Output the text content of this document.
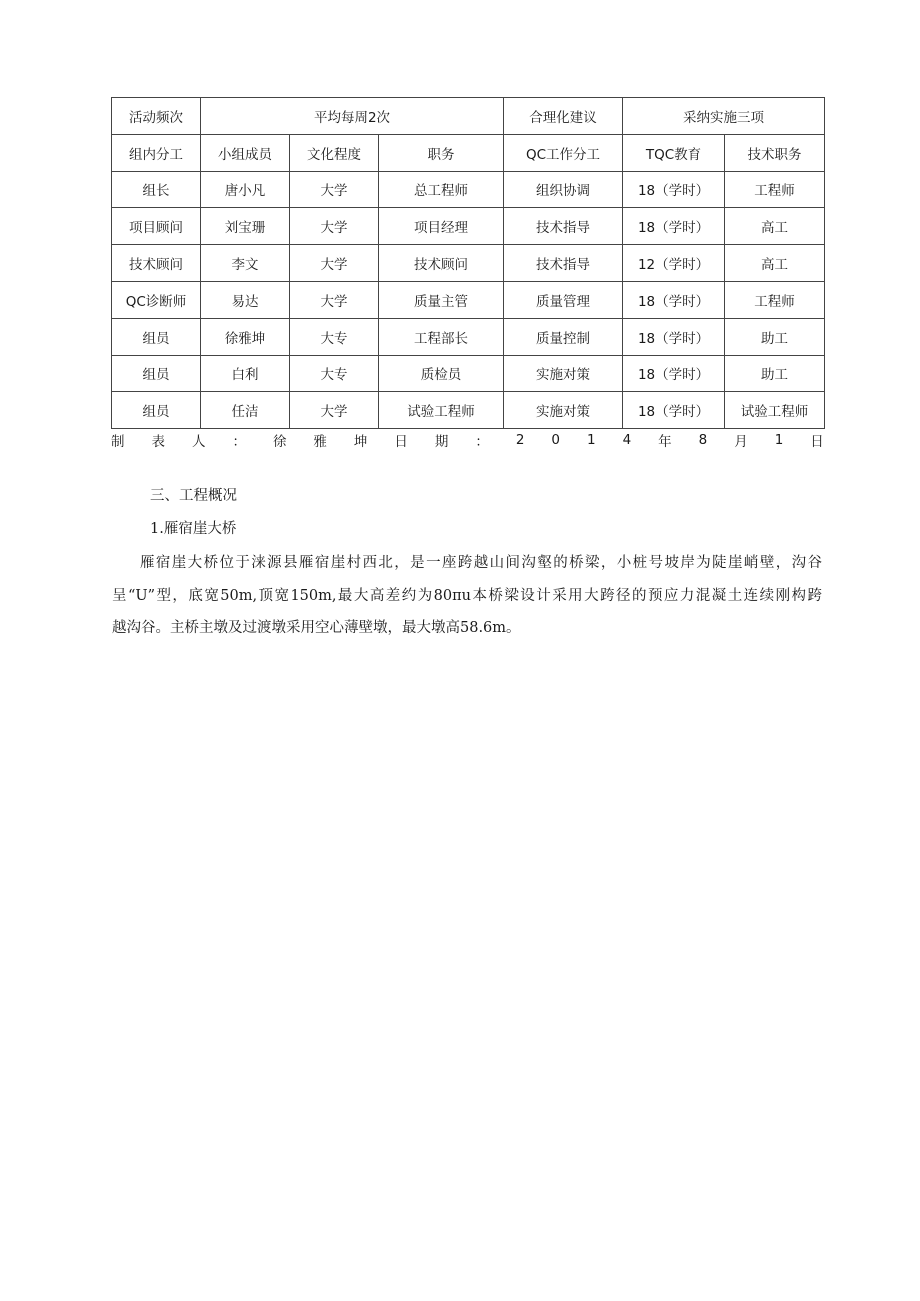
活动频次	平均每周2次			合理化建议	采纳实施三项	
组内分工	小组成员	文化程度	职务	QC工作分工	TQC教育	技术职务
组长	唐小凡	大学	总工程师	组织协调	18（学时）	工程师
项目顾问	刘宝珊	大学	项目经理	技术指导	18（学时）	高工
技术顾问	李文	大学	技术顾问	技术指导	12（学时）	高工
QC诊断师	易达	大学	质量主管	质量管理	18（学时）	工程师
组员	徐雅坤	大专	工程部长	质量控制	18（学时）	助工
组员	白利	大专	质检员	实施对策	18（学时）	助工
组员	任洁	大学	试验工程师	实施对策	18（学时）	试验工程师
制 表 人 ： 徐 雅 坤 日 期 ： 2 0 1 4 年 8 月 1 日
三、工程概况
1.雁宿崖大桥
雁宿崖大桥位于涞源县雁宿崖村西北，是一座跨越山间沟壑的桥梁，小桩号坡岸为陡崖峭壁，沟谷
呈“U”型，底宽50m,顶宽150m,最大高差约为80πu本桥梁设计采用大跨径的预应力混凝土连续刚构跨
越沟谷。主桥主墩及过渡墩采用空心薄壁墩，最大墩高58.6m。
